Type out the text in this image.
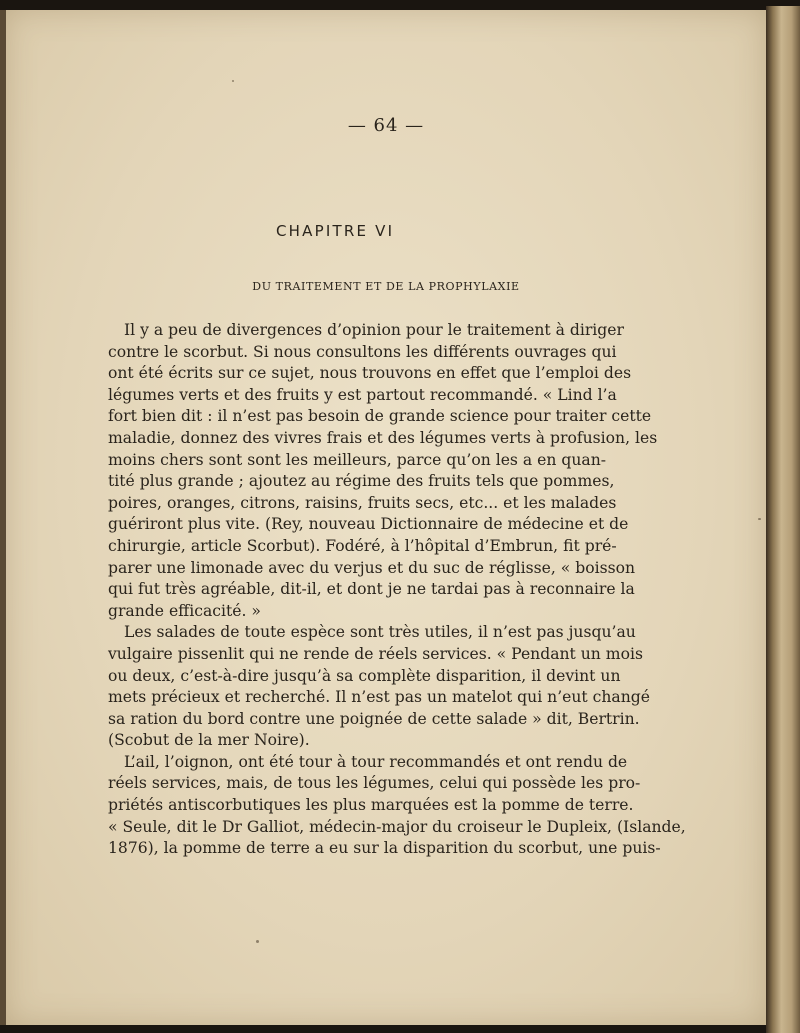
— 64 —
CHAPITRE VI
DU TRAITEMENT ET DE LA PROPHYLAXIE
Il y a peu de divergences d’opinion pour le traitement à diriger
contre le scorbut. Si nous consultons les différents ouvrages qui
ont été écrits sur ce sujet, nous trouvons en effet que l’emploi des
légumes verts et des fruits y est partout recommandé. « Lind l’a
fort bien dit : il n’est pas besoin de grande science pour traiter cette
maladie, donnez des vivres frais et des légumes verts à profusion, les
moins chers sont sont les meilleurs, parce qu’on les a en quan-
tité plus grande ; ajoutez au régime des fruits tels que pommes,
poires, oranges, citrons, raisins, fruits secs, etc... et les malades
guériront plus vite. (Rey, nouveau Dictionnaire de médecine et de
chirurgie, article Scorbut). Fodéré, à l’hôpital d’Embrun, fit pré-
parer une limonade avec du verjus et du suc de réglisse, « boisson
qui fut très agréable, dit-il, et dont je ne tardai pas à reconnaire la
grande efficacité. »
Les salades de toute espèce sont très utiles, il n’est pas jusqu’au
vulgaire pissenlit qui ne rende de réels services. « Pendant un mois
ou deux, c’est-à-dire jusqu’à sa complète disparition, il devint un
mets précieux et recherché. Il n’est pas un matelot qui n’eut changé
sa ration du bord contre une poignée de cette salade » dit, Bertrin.
(Scobut de la mer Noire).
L’ail, l’oignon, ont été tour à tour recommandés et ont rendu de
réels services, mais, de tous les légumes, celui qui possède les pro-
priétés antiscorbutiques les plus marquées est la pomme de terre.
« Seule, dit le Dr Galliot, médecin-major du croiseur le Dupleix, (Islande,
1876), la pomme de terre a eu sur la disparition du scorbut, une puis-
